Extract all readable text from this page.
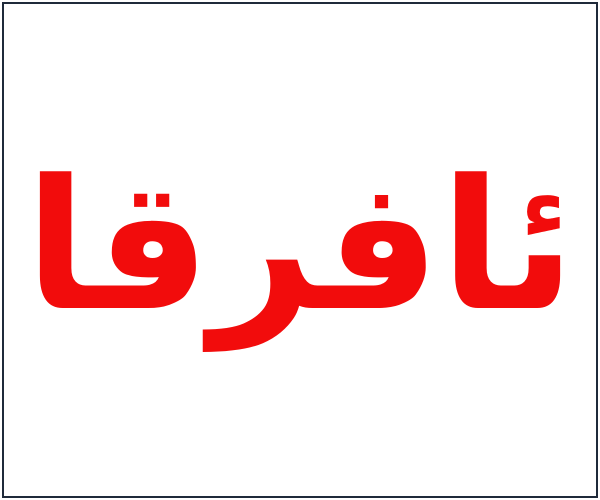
ئافرقا
